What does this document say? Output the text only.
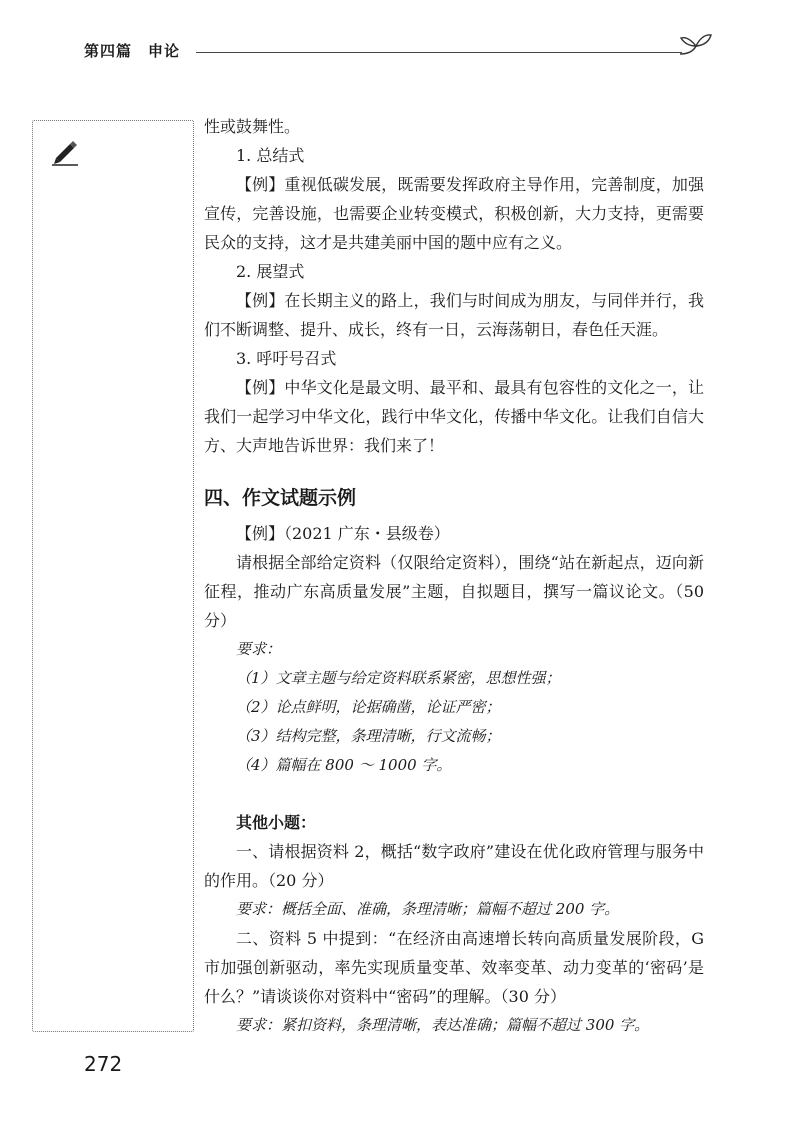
第四篇　申论

性或鼓舞性。

1. 总结式

【例】重视低碳发展，既需要发挥政府主导作用，完善制度，加强宣传，完善设施，也需要企业转变模式，积极创新，大力支持，更需要民众的支持，这才是共建美丽中国的题中应有之义。

2. 展望式

【例】在长期主义的路上，我们与时间成为朋友，与同伴并行，我们不断调整、提升、成长，终有一日，云海荡朝日，春色任天涯。

3. 呼吁号召式

【例】中华文化是最文明、最平和、最具有包容性的文化之一，让我们一起学习中华文化，践行中华文化，传播中华文化。让我们自信大方、大声地告诉世界：我们来了！

四、作文试题示例

【例】（2021 广东・县级卷）

请根据全部给定资料（仅限给定资料），围绕“站在新起点，迈向新征程，推动广东高质量发展”主题，自拟题目，撰写一篇议论文。（50 分）

要求：

（1）文章主题与给定资料联系紧密，思想性强；

（2）论点鲜明，论据确凿，论证严密；

（3）结构完整，条理清晰，行文流畅；

（4）篇幅在 800 ～ 1000 字。

其他小题：

一、请根据资料 2，概括“数字政府”建设在优化政府管理与服务中的作用。（20 分）

要求：概括全面、准确，条理清晰；篇幅不超过 200 字。

二、资料 5 中提到：“在经济由高速增长转向高质量发展阶段，G 市加强创新驱动，率先实现质量变革、效率变革、动力变革的‘密码’是什么？”请谈谈你对资料中“密码”的理解。（30 分）

要求：紧扣资料，条理清晰，表达准确；篇幅不超过 300 字。

272
